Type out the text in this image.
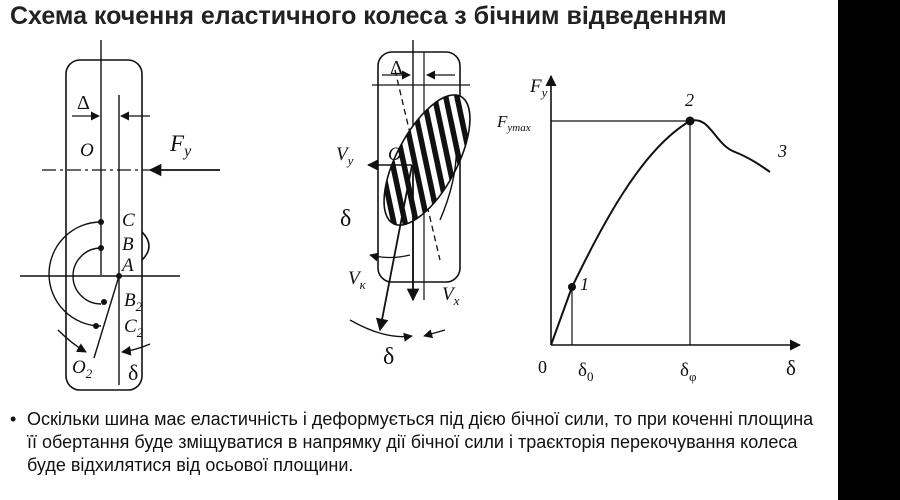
Схема кочення еластичного колеса з бічним відведенням
Δ
O	$F_y$
C
B
A
$B_2$
$C_2$
$O_2$ δ
Δ
O
$V_y$
δ
$V_к$	$V_x$
δ
$F_y$
$F_{ymax}$
0 $\delta_0$	$\delta_\varphi$	δ
1
2
3
• Оскільки шина має еластичність і деформується під дією бічної сили, то при коченні площина її обертання буде зміщуватися в напрямку дії бічної сили і траєкторія перекочування колеса буде відхилятися від осьової площини.
